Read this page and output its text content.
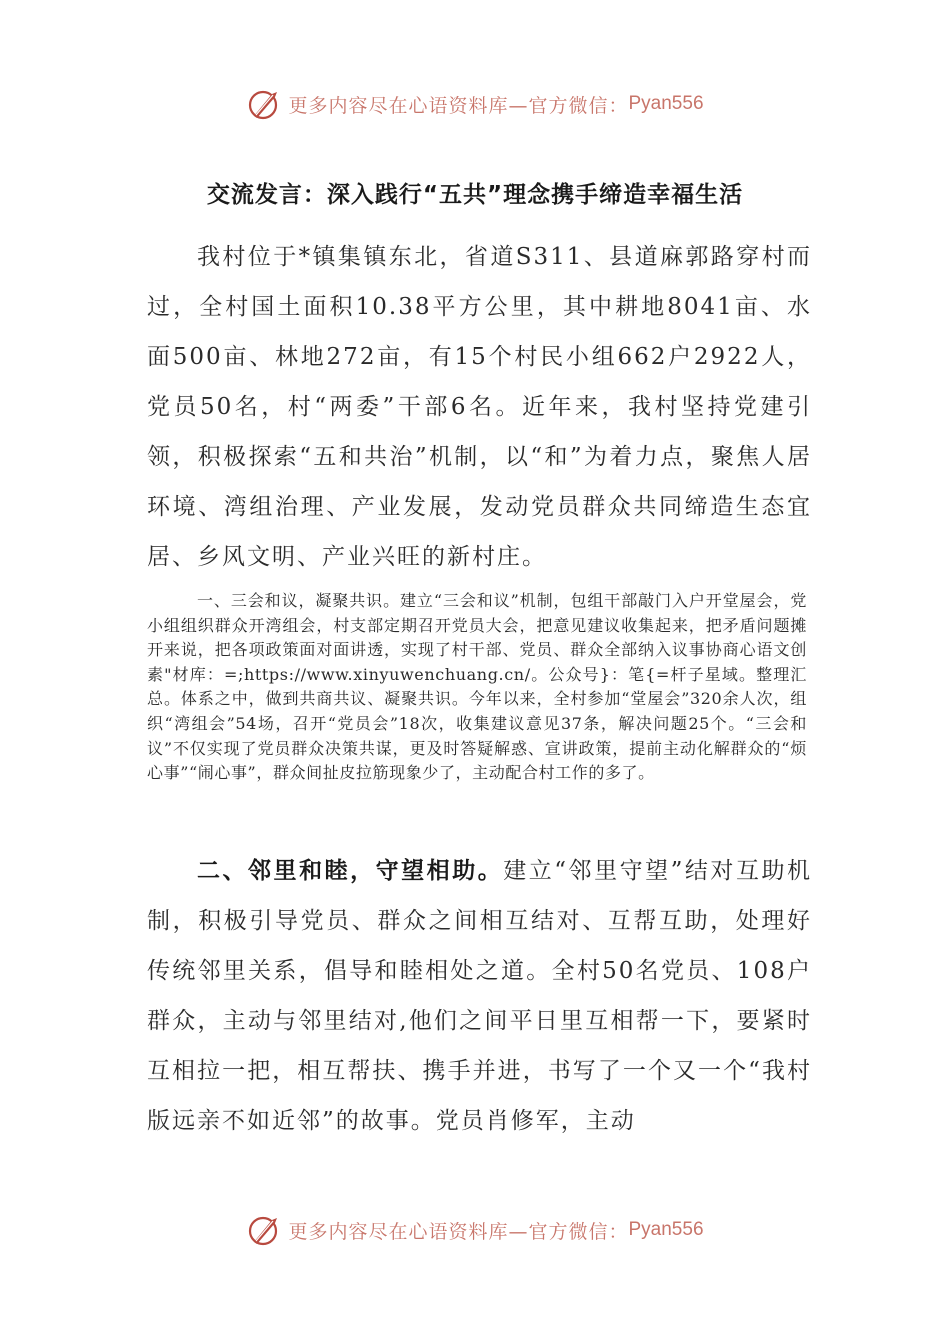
更多内容尽在心语资料库—官方微信： Pyan556
交流发言：深入践行“五共”理念携手缔造幸福生活

我村位于*镇集镇东北，省道S311、县道麻郭路穿村而过，全村国土面积10.38平方公里，其中耕地8041亩、水面500亩、林地272亩，有15个村民小组662户2922人，党员50名，村“两委”干部6名。近年来，我村坚持党建引领，积极探索“五和共治”机制，以“和”为着力点，聚焦人居环境、湾组治理、产业发展，发动党员群众共同缔造生态宜居、乡风文明、产业兴旺的新村庄。

一、三会和议，凝聚共识。建立“三会和议”机制，包组干部敲门入户开堂屋会，党小组组织群众开湾组会，村支部定期召开党员大会，把意见建议收集起来，把矛盾问题摊开来说，把各项政策面对面讲透，实现了村干部、党员、群众全部纳入议事协商心语文创素"材库：=;https://www.xinyuwenchuang.cn/。公众号}：笔{=杆子星域。整理汇总。体系之中，做到共商共议、凝聚共识。今年以来，全村参加“堂屋会”320余人次，组织“湾组会”54场，召开“党员会”18次，收集建议意见37条，解决问题25个。“三会和议”不仅实现了党员群众决策共谋，更及时答疑解惑、宣讲政策，提前主动化解群众的“烦心事”“闹心事”，群众间扯皮拉筋现象少了，主动配合村工作的多了。

二、邻里和睦，守望相助。建立“邻里守望”结对互助机制，积极引导党员、群众之间相互结对、互帮互助，处理好传统邻里关系，倡导和睦相处之道。全村50名党员、108户群众，主动与邻里结对,他们之间平日里互相帮一下，要紧时互相拉一把，相互帮扶、携手并进，书写了一个又一个“我村版远亲不如近邻”的故事。党员肖修军，主动

更多内容尽在心语资料库—官方微信： Pyan556
